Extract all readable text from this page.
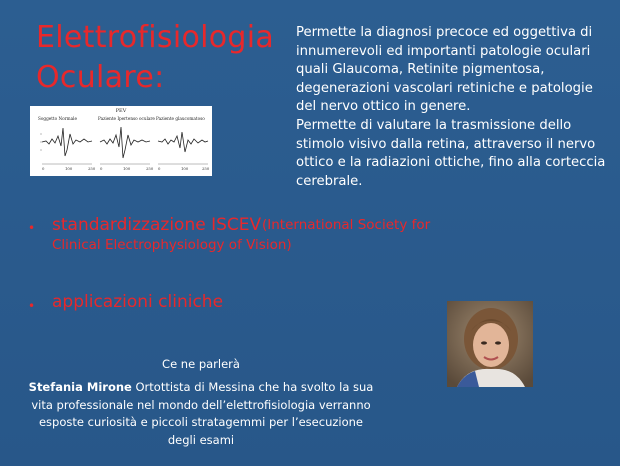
Elettrofisiologia
Oculare:

Permette la diagnosi precoce ed oggettiva di innumerevoli ed importanti patologie oculari quali Glaucoma, Retinite pigmentosa, degenerazioni vascolari retiniche e patologie del nervo ottico in genere.

Permette di valutare la trasmissione dello stimolo visivo dalla retina, attraverso il nervo ottico e la radiazioni ottiche, fino alla corteccia cerebrale.

PEV
Soggetto Normale	Paziente Ipertenso oculare Paziente glaucomatoso
0	100	250 0	100	250 0	100	250
• standardizzazione ISCEV (International Society for Clinical Electrophysiology of Vision)
• applicazioni cliniche
Ce ne parlerà
Stefania Mirone Ortottista di Messina che ha svolto la sua vita professionale nel mondo dell’elettrofisiologia verranno esposte curiosità e piccoli stratagemmi per l’esecuzione degli esami
